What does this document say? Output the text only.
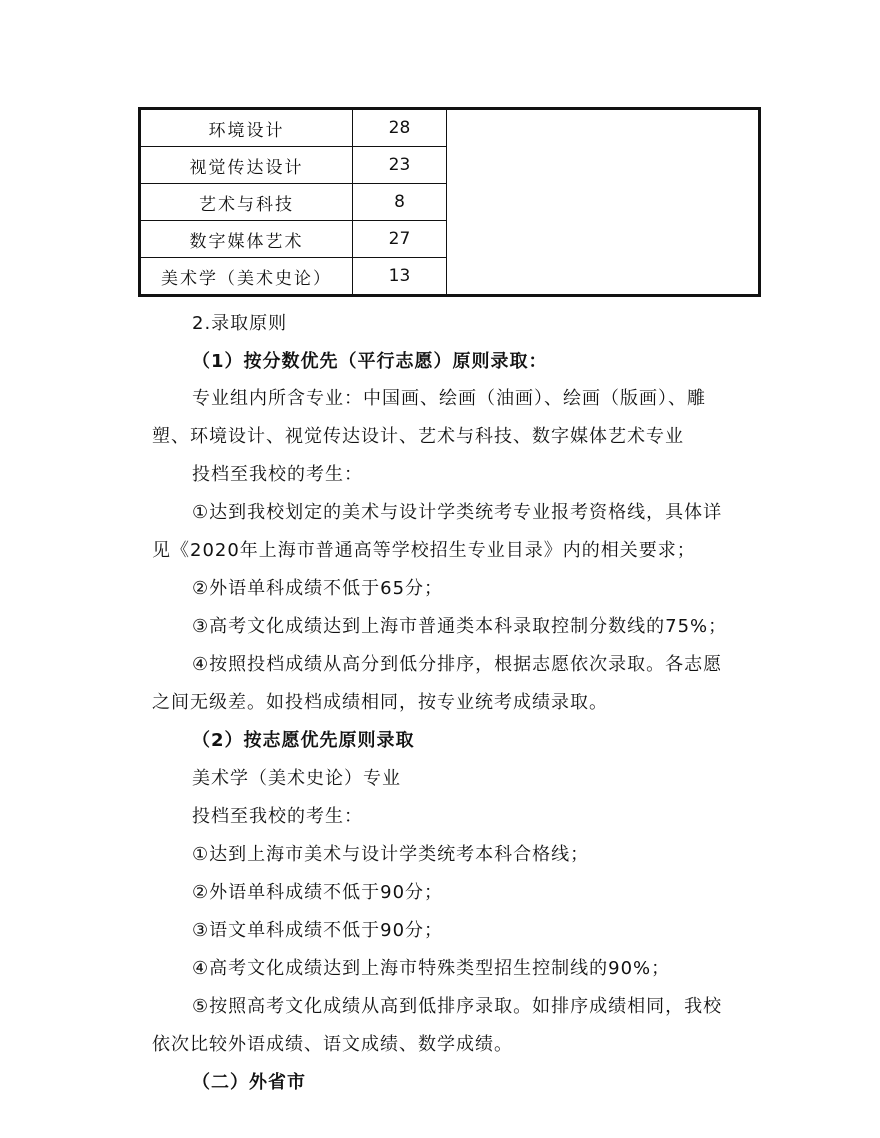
环境设计	28	
视觉传达设计	23	
艺术与科技	8	
数字媒体艺术	27	
美术学（美术史论）	13	
2.录取原则
（1）按分数优先（平行志愿）原则录取：
专业组内所含专业：中国画、绘画（油画）、绘画（版画）、雕
塑、环境设计、视觉传达设计、艺术与科技、数字媒体艺术专业
投档至我校的考生：
①达到我校划定的美术与设计学类统考专业报考资格线，具体详
见《2020年上海市普通高等学校招生专业目录》内的相关要求；
②外语单科成绩不低于65分；
③高考文化成绩达到上海市普通类本科录取控制分数线的75%；
④按照投档成绩从高分到低分排序，根据志愿依次录取。各志愿
之间无级差。如投档成绩相同，按专业统考成绩录取。
（2）按志愿优先原则录取
美术学（美术史论）专业
投档至我校的考生：
①达到上海市美术与设计学类统考本科合格线；
②外语单科成绩不低于90分；
③语文单科成绩不低于90分；
④高考文化成绩达到上海市特殊类型招生控制线的90%；
⑤按照高考文化成绩从高到低排序录取。如排序成绩相同，我校
依次比较外语成绩、语文成绩、数学成绩。
（二）外省市
